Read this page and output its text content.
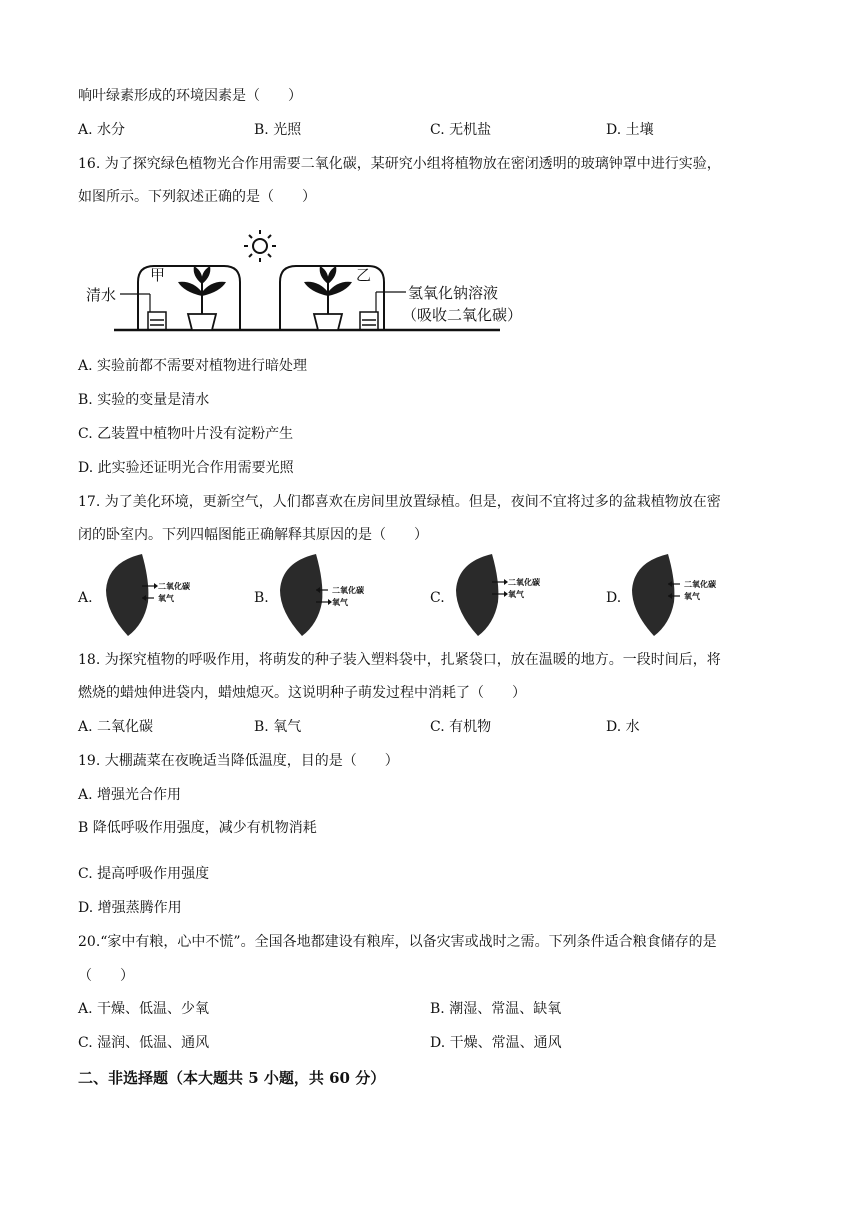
响叶绿素形成的环境因素是（　　）
A. 水分	B. 光照	C. 无机盐	D. 土壤
16. 为了探究绿色植物光合作用需要二氧化碳，某研究小组将植物放在密闭透明的玻璃钟罩中进行实验，
如图所示。下列叙述正确的是（　　）
甲	乙
清水	氢氧化钠溶液
（吸收二氧化碳）
A. 实验前都不需要对植物进行暗处理
B. 实验的变量是清水
C. 乙装置中植物叶片没有淀粉产生
D. 此实验还证明光合作用需要光照
17. 为了美化环境，更新空气，人们都喜欢在房间里放置绿植。但是，夜间不宜将过多的盆栽植物放在密
闭的卧室内。下列四幅图能正确解释其原因的是（　　）
A.
二氧化碳
氧气	B.	二氧化碳
氧气	C.
二氧化碳
氧气	D.
二氧化碳
氧气
18. 为探究植物的呼吸作用，将萌发的种子装入塑料袋中，扎紧袋口，放在温暖的地方。一段时间后，将
燃烧的蜡烛伸进袋内，蜡烛熄灭。这说明种子萌发过程中消耗了（　　）
A. 二氧化碳	B. 氧气	C. 有机物	D. 水
19. 大棚蔬菜在夜晚适当降低温度，目的是（　　）
A. 增强光合作用
B 降低呼吸作用强度，减少有机物消耗
C. 提高呼吸作用强度
D. 增强蒸腾作用
20.“家中有粮，心中不慌”。全国各地都建设有粮库，以备灾害或战时之需。下列条件适合粮食储存的是
（　　）
A. 干燥、低温、少氧	B. 潮湿、常温、缺氧
C. 湿润、低温、通风	D. 干燥、常温、通风
二、非选择题（本大题共 5 小题，共 60 分）
